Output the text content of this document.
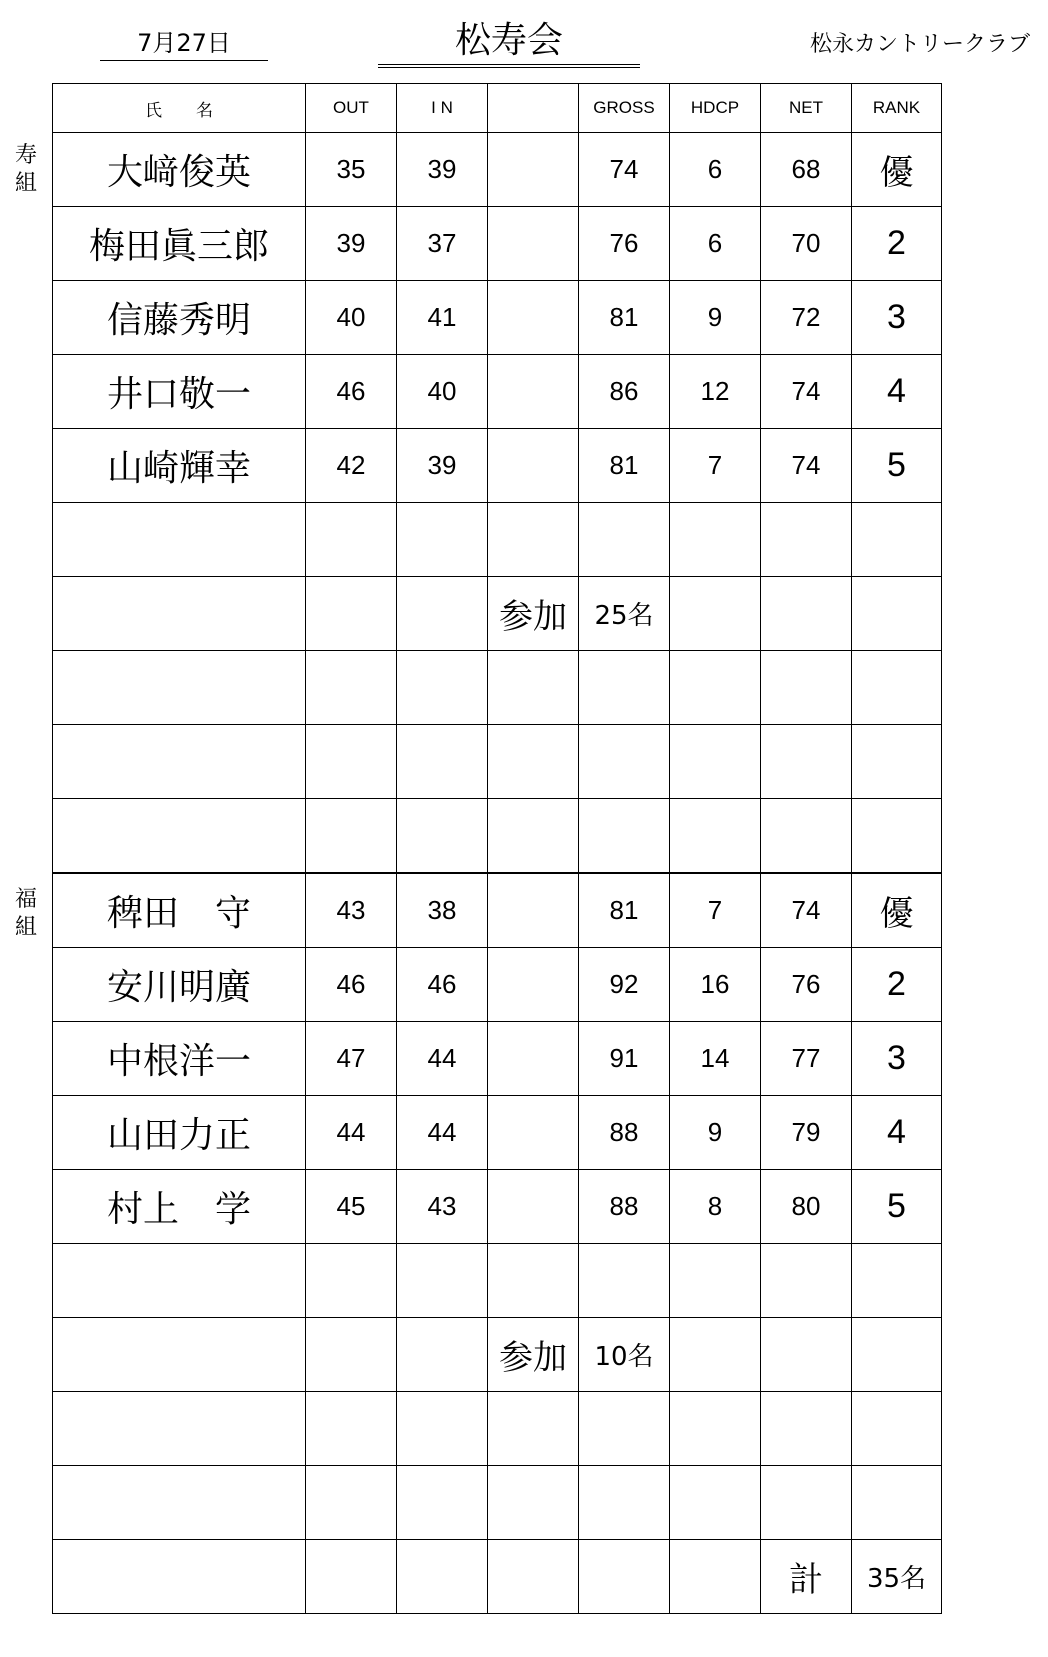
7月27日	松寿会	松永カントリークラブ
寿組
福組
氏　　名	OUT	I N		GROSS	HDCP	NET	RANK
大﨑俊英	35	39		74	6	68	優
梅田眞三郎	39	37		76	6	70	2
信藤秀明	40	41		81	9	72	3
井口敬一	46	40		86	12	74	4
山崎輝幸	42	39		81	7	74	5

			参加	25名			

稗田　守	43	38		81	7	74	優
安川明廣	46	46		92	16	76	2
中根洋一	47	44		91	14	77	3
山田力正	44	44		88	9	79	4
村上　学	45	43		88	8	80	5

			参加	10名			

						計	35名
